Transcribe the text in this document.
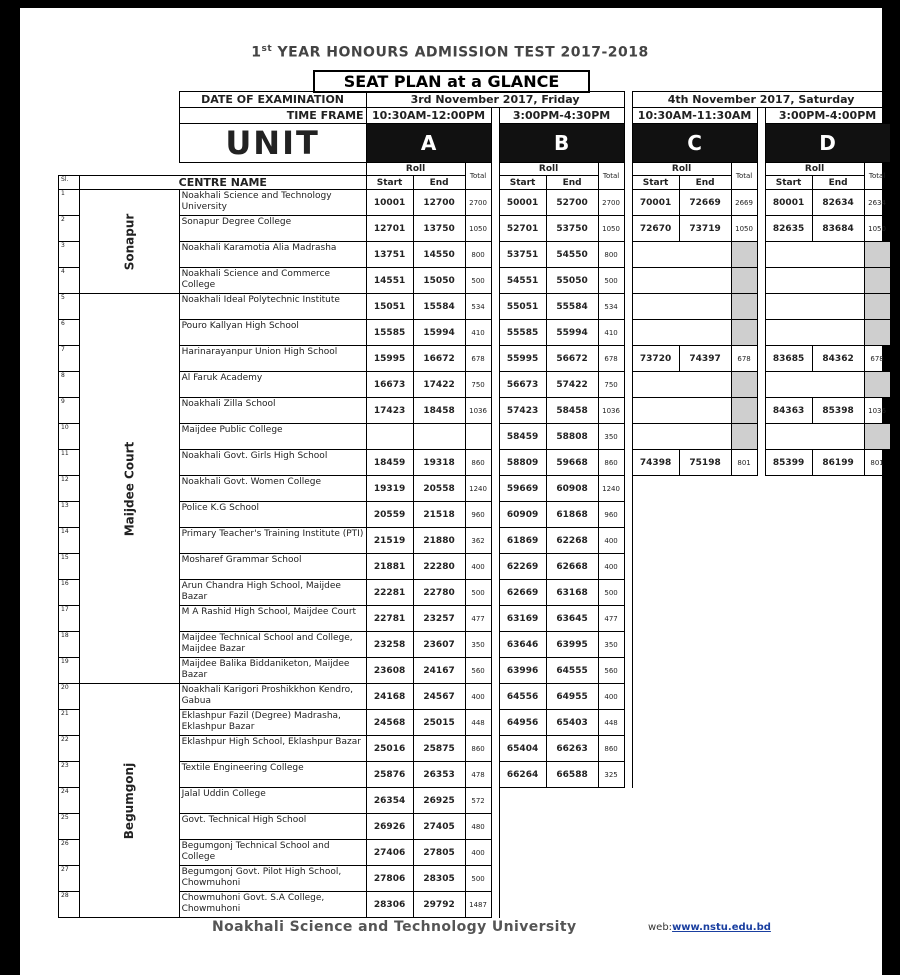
1st YEAR HONOURS ADMISSION TEST 2017-2018
SEAT PLAN at a GLANCE
		DATE OF EXAMINATION	3rd November 2017, Friday								4th November 2017, Saturday							
		TIME FRAME	10:30AM-12:00PM				3:00PM-4:30PM				10:30AM-11:30AM				3:00PM-4:00PM			
		UNIT	A				B				C				D			
			Roll		Total		Roll		Total		Roll		Total		Roll		Total	
Sl.	CENTRE NAME		Start	End			Start	End			Start	End			Start	End		
1	Sonapur	Noakhali Science and Technology University	10001	12700	2700		50001	52700	2700		70001	72669	2669		80001	82634	2634	
2		Sonapur Degree College	12701	13750	1050		52701	53750	1050		72670	73719	1050		82635	83684	1050	
3		Noakhali Karamotia Alia Madrasha	13751	14550	800		53751	54550	800									
4		Noakhali Science and Commerce College	14551	15050	500		54551	55050	500									
5	Maijdee Court	Noakhali Ideal Polytechnic Institute	15051	15584	534		55051	55584	534									
6		Pouro Kallyan High School	15585	15994	410		55585	55994	410									
7		Harinarayanpur Union High School	15995	16672	678		55995	56672	678		73720	74397	678		83685	84362	678	
8		Al Faruk Academy	16673	17422	750		56673	57422	750									
9		Noakhali Zilla School	17423	18458	1036		57423	58458	1036						84363	85398	1036	
10		Maijdee Public College					58459	58808	350									
11		Noakhali Govt. Girls High School	18459	19318	860		58809	59668	860		74398	75198	801		85399	86199	801	
12		Noakhali Govt. Women College	19319	20558	1240		59669	60908	1240									
13		Police K.G School	20559	21518	960		60909	61868	960									
14		Primary Teacher's Training Institute (PTI)	21519	21880	362		61869	62268	400									
15		Mosharef Grammar School	21881	22280	400		62269	62668	400									
16		Arun Chandra High School, Maijdee Bazar	22281	22780	500		62669	63168	500									
17		M A Rashid High School, Maijdee Court	22781	23257	477		63169	63645	477									
18		Maijdee Technical School and College, Maijdee Bazar	23258	23607	350		63646	63995	350									
19		Maijdee Balika Biddaniketon, Maijdee Bazar	23608	24167	560		63996	64555	560									
20	Begumgonj	Noakhali Karigori Proshikkhon Kendro, Gabua	24168	24567	400		64556	64955	400									
21		Eklashpur Fazil (Degree) Madrasha, Eklashpur Bazar	24568	25015	448		64956	65403	448									
22		Eklashpur High School, Eklashpur Bazar	25016	25875	860		65404	66263	860									
23		Textile Engineering College	25876	26353	478		66264	66588	325									
24		Jalal Uddin College	26354	26925	572													
25		Govt. Technical High School	26926	27405	480													
26		Begumgonj Technical School and College	27406	27805	400													
27		Begumgonj Govt. Pilot High School, Chowmuhoni	27806	28305	500													
28		Chowmuhoni Govt. S.A College, Chowmuhoni	28306	29792	1487													
Noakhali Science and Technology University	web:www.nstu.edu.bd
